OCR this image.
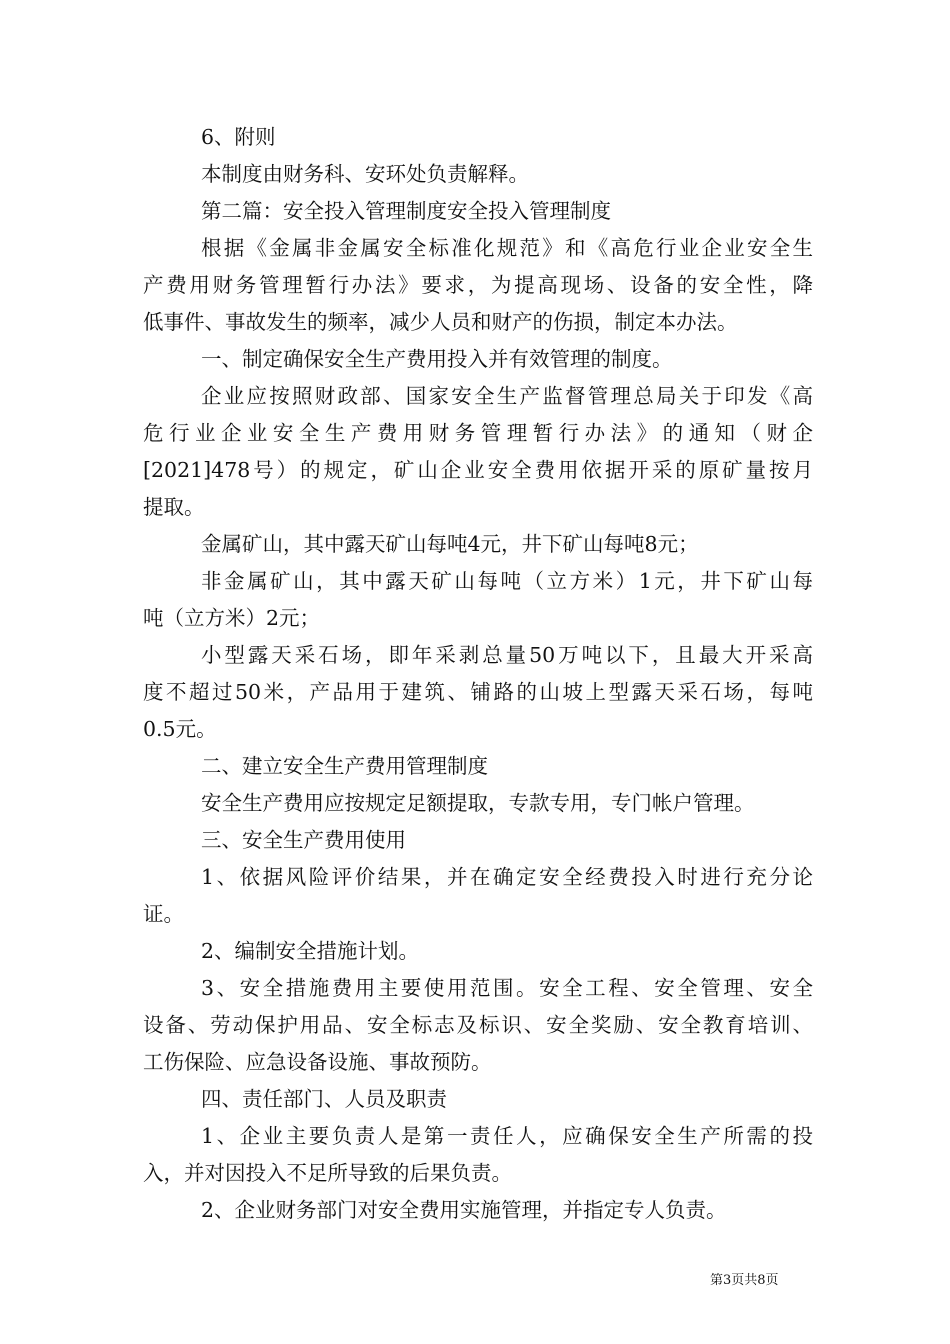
6、附则
本制度由财务科、安环处负责解释。
第二篇：安全投入管理制度安全投入管理制度
根据《金属非金属安全标准化规范》和《高危行业企业安全生
产费用财务管理暂行办法》要求，为提高现场、设备的安全性，降
低事件、事故发生的频率，减少人员和财产的伤损，制定本办法。
一、制定确保安全生产费用投入并有效管理的制度。
企业应按照财政部、国家安全生产监督管理总局关于印发《高
危行业企业安全生产费用财务管理暂行办法》的通知（财企
[2021]478号）的规定，矿山企业安全费用依据开采的原矿量按月
提取。
金属矿山，其中露天矿山每吨4元，井下矿山每吨8元；
非金属矿山，其中露天矿山每吨（立方米）1元，井下矿山每
吨（立方米）2元；
小型露天采石场，即年采剥总量50万吨以下，且最大开采高
度不超过50米，产品用于建筑、铺路的山坡上型露天采石场，每吨
0.5元。
二、建立安全生产费用管理制度
安全生产费用应按规定足额提取，专款专用，专门帐户管理。
三、安全生产费用使用
1、依据风险评价结果，并在确定安全经费投入时进行充分论
证。
2、编制安全措施计划。
3、安全措施费用主要使用范围。安全工程、安全管理、安全
设备、劳动保护用品、安全标志及标识、安全奖励、安全教育培训、
工伤保险、应急设备设施、事故预防。
四、责任部门、人员及职责
1、企业主要负责人是第一责任人，应确保安全生产所需的投
入，并对因投入不足所导致的后果负责。
2、企业财务部门对安全费用实施管理，并指定专人负责。
第3页共8页
